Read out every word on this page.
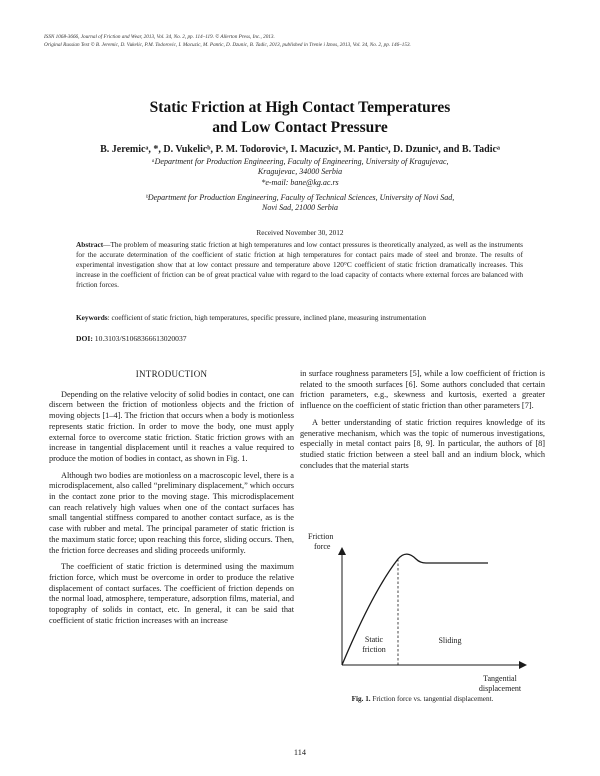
ISSN 1068-3666, Journal of Friction and Wear, 2013, Vol. 34, No. 2, pp. 114–119. © Allerton Press, Inc., 2013.
Original Russian Text © B. Jeremic, D. Vukelic, P.M. Todorovic, I. Macuzic, M. Pantic, D. Dzunic, B. Tadic, 2013, published in Trenie i Iznos, 2013, Vol. 34, No. 2, pp. 146–153.
Static Friction at High Contact Temperatures
and Low Contact Pressure
B. Jeremicᵃ, *, D. Vukelicᵇ, P. M. Todorovicᵃ, I. Macuzicᵃ, M. Panticᵃ, D. Dzunicᵃ, and B. Tadicᵃ
ᵃDepartment for Production Engineering, Faculty of Engineering, University of Kragujevac,
Kragujevac, 34000 Serbia
*e-mail: bane@kg.ac.rs
ᵇDepartment for Production Engineering, Faculty of Technical Sciences, University of Novi Sad,
Novi Sad, 21000 Serbia
Received November 30, 2012
Abstract—The problem of measuring static friction at high temperatures and low contact pressures is theoretically analyzed, as well as the instruments for the accurate determination of the coefficient of static friction at high temperatures for contact pairs made of steel and bronze. The results of experimental investigation show that at low contact pressure and temperature above 120°C coefficient of static friction dramatically increases. This increase in the coefficient of friction can be of great practical value with regard to the load capacity of contacts where external forces are balanced with friction forces.
Keywords: coefficient of static friction, high temperatures, specific pressure, inclined plane, measuring instrumentation
DOI: 10.3103/S1068366613020037
INTRODUCTION

Depending on the relative velocity of solid bodies in contact, one can discern between the friction of motionless objects and the friction of moving objects [1–4]. The friction that occurs when a body is motionless represents static friction. In order to move the body, one must apply external force to overcome static friction. Static friction grows with an increase in tangential displacement until it reaches a value required to produce the motion of bodies in contact, as shown in Fig. 1.

Although two bodies are motionless on a macroscopic level, there is a microdisplacement, also called “preliminary displacement,” which occurs in the contact zone prior to the moving stage. This microdisplacement can reach relatively high values when one of the contact surfaces has small tangential stiffness compared to another contact surface, as is the case with rubber and metal. The principal parameter of static friction is the maximum static force; upon reaching this force, sliding occurs. Then, the friction force decreases and sliding proceeds uniformly.

The coefficient of static friction is determined using the maximum friction force, which must be overcome in order to produce the relative displacement of contact surfaces. The coefficient of friction depends on the normal load, atmosphere, temperature, adsorption films, material, and topography of solids in contact, etc. In general, it can be said that coefficient of static friction increases with an increase

in surface roughness parameters [5], while a low coefficient of friction is related to the smooth surfaces [6]. Some authors concluded that certain friction parameters, e.g., skewness and kurtosis, exerted a greater influence on the coefficient of static friction than other parameters [7].

A better understanding of static friction requires knowledge of its generative mechanism, which was the topic of numerous investigations, especially in metal contact pairs [8, 9]. In particular, the authors of [8] studied static friction between a steel ball and an indium block, which concludes that the material starts

Friction
force
Static
friction
Sliding
Tangential
displacement
Fig. 1. Friction force vs. tangential displacement.
114
